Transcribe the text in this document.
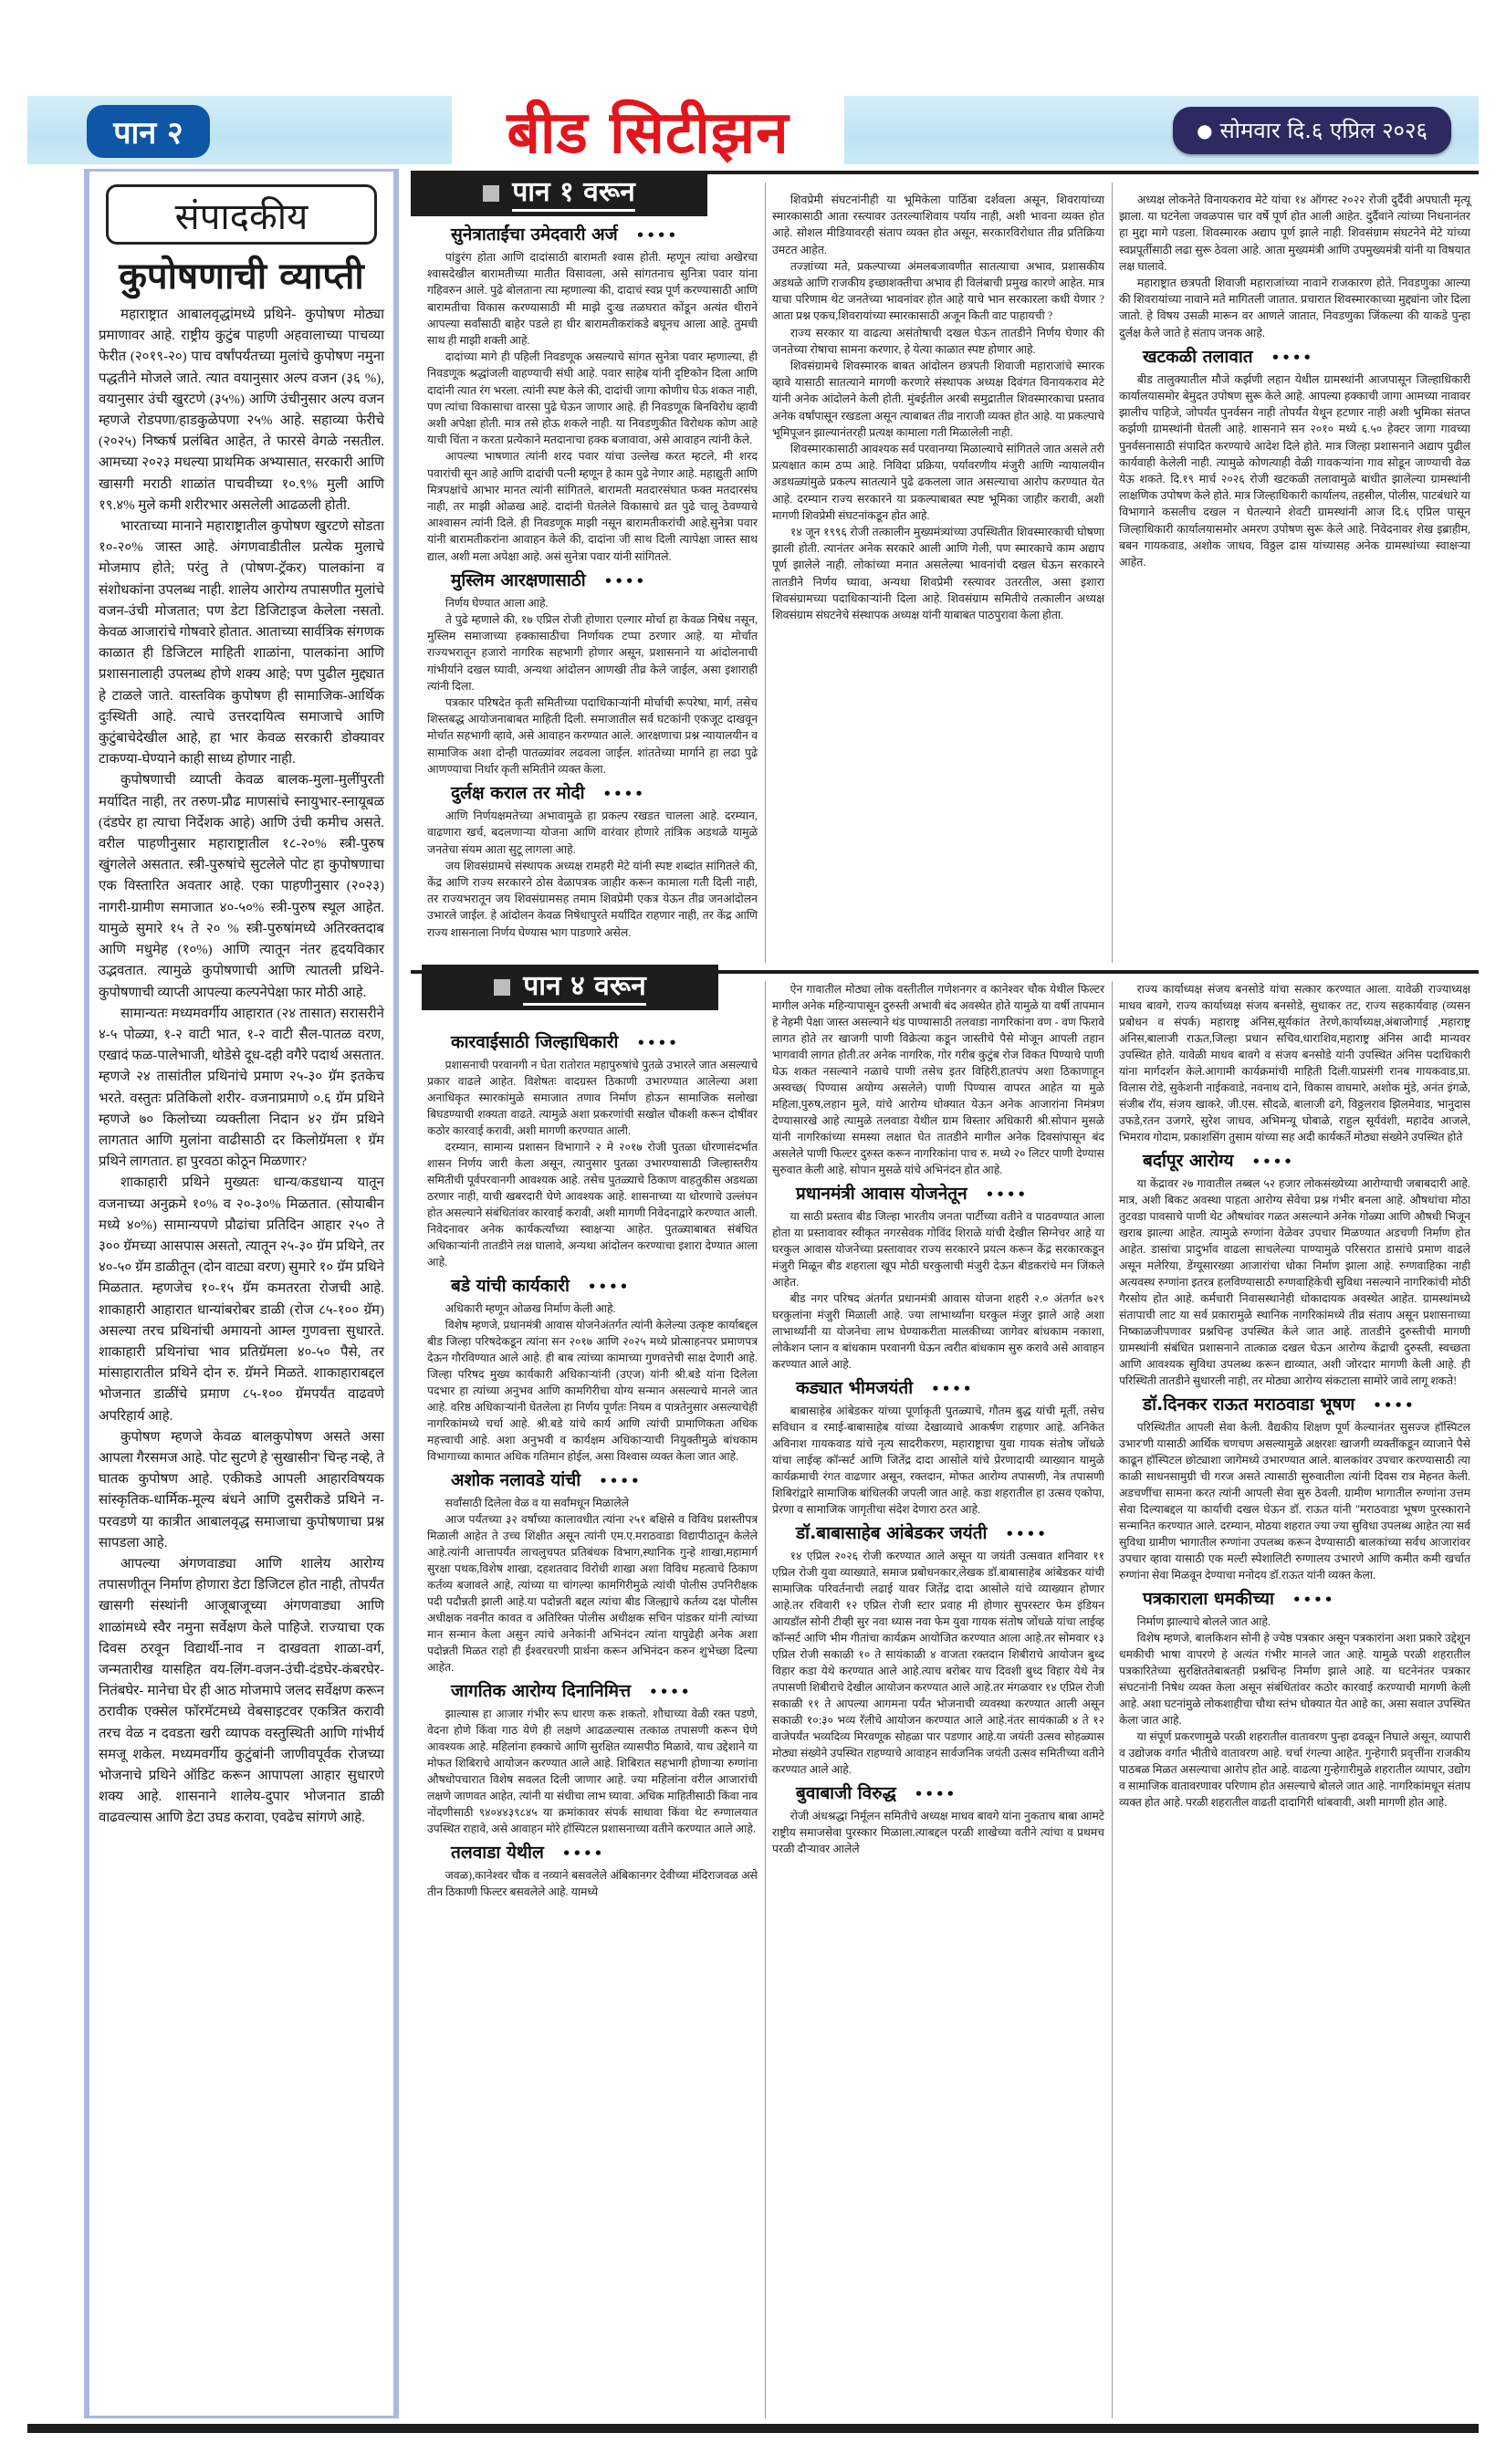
पान २	बीड सिटीझन	● सोमवार दि.६ एप्रिल २०२६
संपादकीय
कुपोषणाची व्याप्ती

महाराष्ट्रात आबालवृद्धांमध्ये प्रथिने- कुपोषण मोठ्या प्रमाणावर आहे. राष्ट्रीय कुटुंब पाहणी अहवालाच्या पाचव्या फेरीत (२०१९-२०) पाच वर्षांपर्यंतच्या मुलांचे कुपोषण नमुना पद्धतीने मोजले जाते. त्यात वयानुसार अल्प वजन (३६ %), वयानुसार उंची खुरटणे (३५%) आणि उंचीनुसार अल्प वजन म्हणजे रोडपणा/हाडकुळेपणा २५% आहे. सहाव्या फेरीचे (२०२५) निष्कर्ष प्रलंबित आहेत, ते फारसे वेगळे नसतील. आमच्या २०२३ मधल्या प्राथमिक अभ्यासात, सरकारी आणि खासगी मराठी शाळांत पाचवीच्या १०.९% मुली आणि १९.४% मुले कमी शरीरभार असलेली आढळली होती.

भारताच्या मानाने महाराष्ट्रातील कुपोषण खुरटणे सोडता १०-२०% जास्त आहे. अंगणवाडीतील प्रत्येक मुलाचे मोजमाप होते; परंतु ते (पोषण-ट्रॅकर) पालकांना व संशोधकांना उपलब्ध नाही. शालेय आरोग्य तपासणीत मुलांचे वजन-उंची मोजतात; पण डेटा डिजिटाइज केलेला नसतो. केवळ आजारांचे गोषवारे होतात. आताच्या सार्वत्रिक संगणक काळात ही डिजिटल माहिती शाळांना, पालकांना आणि प्रशासनालाही उपलब्ध होणे शक्य आहे; पण पुढील मुद्द्यात हे टाळले जाते. वास्तविक कुपोषण ही सामाजिक-आर्थिक दुःस्थिती आहे. त्याचे उत्तरदायित्व समाजाचे आणि कुटुंबाचेदेखील आहे, हा भार केवळ सरकारी डोक्यावर टाकण्या-घेण्याने काही साध्य होणार नाही.

कुपोषणाची व्याप्ती केवळ बालक-मुला-मुलींपुरती मर्यादित नाही, तर तरुण-प्रौढ माणसांचे स्नायुभार-स्नायूबळ (दंडघेर हा त्याचा निर्देशक आहे) आणि उंची कमीच असते. वरील पाहणीनुसार महाराष्ट्रातील १८-२०% स्त्री-पुरुष खुंगलेले असतात. स्त्री-पुरुषांचे सुटलेले पोट हा कुपोषणाचा एक विस्तारित अवतार आहे. एका पाहणीनुसार (२०२३) नागरी-ग्रामीण समाजात ४०-५०% स्त्री-पुरुष स्थूल आहेत. यामुळे सुमारे १५ ते २० % स्त्री-पुरुषांमध्ये अतिरक्तदाब आणि मधुमेह (१०%) आणि त्यातून नंतर हृदयविकार उद्भवतात. त्यामुळे कुपोषणाची आणि त्यातली प्रथिने- कुपोषणाची व्याप्ती आपल्या कल्पनेपेक्षा फार मोठी आहे.

सामान्यतः मध्यमवर्गीय आहारात (२४ तासात) सरासरीने ४-५ पोळ्या, १-२ वाटी भात, १-२ वाटी सैल-पातळ वरण, एखादं फळ-पालेभाजी, थोडेसे दूध-दही वगैरे पदार्थ असतात. म्हणजे २४ तासांतील प्रथिनांचे प्रमाण २५-३० ग्रॅम इतकेच भरते. वस्तुतः प्रतिकिलो शरीर- वजनाप्रमाणे ०.६ ग्रॅम प्रथिने म्हणजे ७० किलोच्या व्यक्तीला निदान ४२ ग्रॅम प्रथिने लागतात आणि मुलांना वाढीसाठी दर किलोग्रॅमला १ ग्रॅम प्रथिने लागतात. हा पुरवठा कोठून मिळणार?

शाकाहारी प्रथिने मुख्यतः धान्य/कडधान्य यातून वजनाच्या अनुक्रमे १०% व २०-३०% मिळतात. (सोयाबीन मध्ये ४०%) सामान्यपणे प्रौढांचा प्रतिदिन आहार २५० ते ३०० ग्रॅमच्या आसपास असतो, त्यातून २५-३० ग्रॅम प्रथिने, तर ४०-५० ग्रॅम डाळीतून (दोन वाट्या वरण) सुमारे १० ग्रॅम प्रथिने मिळतात. म्हणजेच १०-१५ ग्रॅम कमतरता रोजची आहे. शाकाहारी आहारात धान्यांबरोबर डाळी (रोज ८५-१०० ग्रॅम) असल्या तरच प्रथिनांची अमायनो आम्ल गुणवत्ता सुधारते. शाकाहारी प्रथिनांचा भाव प्रतिग्रॅमला ४०-५० पैसे, तर मांसाहारातील प्रथिने दोन रु. ग्रॅमने मिळते. शाकाहाराबद्दल भोजनात डाळींचे प्रमाण ८५-१०० ग्रॅमपर्यंत वाढवणे अपरिहार्य आहे.

कुपोषण म्हणजे केवळ बालकुपोषण असते असा आपला गैरसमज आहे. पोट सुटणे हे 'सुखासीन' चिन्ह नव्हे, ते घातक कुपोषण आहे. एकीकडे आपली आहारविषयक सांस्कृतिक-धार्मिक-मूल्य बंधने आणि दुसरीकडे प्रथिने न-परवडणे या कात्रीत आबालवृद्ध समाजाचा कुपोषणाचा प्रश्न सापडला आहे.

आपल्या अंगणवाड्या आणि शालेय आरोग्य तपासणीतून निर्माण होणारा डेटा डिजिटल होत नाही, तोपर्यंत खासगी संस्थांनी आजूबाजूच्या अंगणवाड्या आणि शाळांमध्ये स्वैर नमुना सर्वेक्षण केले पाहिजे. राज्याचा एक दिवस ठरवून विद्यार्थी-नाव न दाखवता शाळा-वर्ग, जन्मतारीख यासहित वय-लिंग-वजन-उंची-दंडघेर-कंबरघेर-नितंबघेर- मानेचा घेर ही आठ मोजमापे जलद सर्वेक्षण करून ठरावीक एक्सेल फॉरमॅटमध्ये वेबसाइटवर एकत्रित करावी तरच वेळ न दवडता खरी व्यापक वस्तुस्थिती आणि गांभीर्य समजू शकेल. मध्यमवर्गीय कुटुंबांनी जाणीवपूर्वक रोजच्या भोजनाचे प्रथिने ऑडिट करून आपापला आहार सुधारणे शक्य आहे. शासनाने शालेय-दुपार भोजनात डाळी वाढवल्यास आणि डेटा उघड करावा, एवढेच सांगणे आहे.

पान १ वरून
सुनेत्राताईंचा उमेदवारी अर्ज ••••

पांडुरंग होता आणि दादांसाठी बारामती श्वास होती. म्हणून त्यांचा अखेरचा श्वासदेखील बारामतीच्या मातीत विसावला, असे सांगतनाच सुनित्रा पवार यांना गहिवरुन आले. पुढे बोलताना त्या म्हणाल्या की, दादाचं स्वप्न पूर्ण करण्यासाठी आणि बारामतीचा विकास करण्यासाठी मी माझे दुःख तळघरात कोंडून अत्यंत धीराने आपल्या सर्वांसाठी बाहेर पडले हा धीर बारामतीकरांकडे बघूनच आला आहे. तुमची साथ ही माझी शक्ती आहे.

दादांच्या मागे ही पहिली निवडणूक असल्याचे सांगत सुनेत्रा पवार म्हणाल्या, ही निवडणूक श्रद्धांजली वाहण्याची संधी आहे. पवार साहेब यांनी दृष्टिकोन दिला आणि दादांनी त्यात रंग भरला. त्यांनी स्पष्ट केले की, दादांची जागा कोणीच घेऊ शकत नाही, पण त्यांचा विकासाचा वारसा पुढे घेऊन जाणार आहे. ही निवडणूक बिनविरोध व्हावी अशी अपेक्षा होती. मात्र तसे होऊ शकले नाही. या निवडणुकीत विरोधक कोण आहे याची चिंता न करता प्रत्येकाने मतदानाचा हक्क बजावावा, असे आवाहन त्यांनी केले.

आपल्या भाषणात त्यांनी शरद पवार यांचा उल्लेख करत म्हटले, मी शरद पवारांची सून आहे आणि दादांची पत्नी म्हणून हे काम पुढे नेणार आहे. महाद्युती आणि मित्रपक्षांचे आभार मानत त्यांनी सांगितले, बारामती मतदारसंघात फक्त मतदारसंघ नाही, तर माझी ओळख आहे. दादांनी घेतलेले विकासाचे व्रत पुढे चालू ठेवण्याचे आश्वासन त्यांनी दिले. ही निवडणूक माझी नसून बारामतीकरांची आहे.सुनेत्रा पवार यांनी बारामतीकरांना आवाहन केले की, दादांना जी साथ दिली त्यापेक्षा जास्त साथ द्याल, अशी मला अपेक्षा आहे. असं सुनेत्रा पवार यांनी सांगितले.

मुस्लिम आरक्षणासाठी ••••

निर्णय घेण्यात आला आहे.

ते पुढे म्हणाले की, १७ एप्रिल रोजी होणारा एल्गार मोर्चा हा केवळ निषेध नसून, मुस्लिम समाजाच्या हक्कासाठीचा निर्णायक टप्पा ठरणार आहे. या मोर्चात राज्यभरातून हजारो नागरिक सहभागी होणार असून, प्रशासनाने या आंदोलनाची गांभीर्याने दखल घ्यावी, अन्यथा आंदोलन आणखी तीव्र केले जाईल, असा इशाराही त्यांनी दिला.

पत्रकार परिषदेत कृती समितीच्या पदाधिकाऱ्यांनी मोर्चाची रूपरेषा, मार्ग, तसेच शिस्तबद्ध आयोजनाबाबत माहिती दिली. समाजातील सर्व घटकांनी एकजूट दाखवून मोर्चात सहभागी व्हावे, असे आवाहन करण्यात आले. आरक्षणाचा प्रश्न न्यायालयीन व सामाजिक अशा दोन्ही पातळ्यांवर लढवला जाईल. शांततेच्या मार्गाने हा लढा पुढे आणण्याचा निर्धार कृती समितीने व्यक्त केला.

दुर्लक्ष कराल तर मोदी ••••

आणि निर्णयक्षमतेच्या अभावामुळे हा प्रकल्प रखडत चालला आहे. दरम्यान, वाढणारा खर्च, बदलणाऱ्या योजना आणि वारंवार होणारे तांत्रिक अडथळे यामुळे जनतेचा संयम आता सुटू लागला आहे.

जय शिवसंग्रामचे संस्थापक अध्यक्ष रामहरी मेटे यांनी स्पष्ट शब्दांत सांगितले की, केंद्र आणि राज्य सरकारने ठोस वेळापत्रक जाहीर करून कामाला गती दिली नाही, तर राज्यभरातून जय शिवसंग्रामसह तमाम शिवप्रेमी एकत्र येऊन तीव्र जनआंदोलन उभारले जाईल. हे आंदोलन केवळ निषेधापुरते मर्यादित राहणार नाही, तर केंद्र आणि राज्य शासनाला निर्णय घेण्यास भाग पाडणारे असेल.

शिवप्रेमी संघटनांनीही या भूमिकेला पाठिंबा दर्शवला असून, शिवरायांच्या स्मारकासाठी आता रस्त्यावर उतरल्याशिवाय पर्याय नाही, अशी भावना व्यक्त होत आहे. सोशल मीडियावरही संताप व्यक्त होत असून, सरकारविरोधात तीव्र प्रतिक्रिया उमटत आहेत.

तज्ज्ञांच्या मते, प्रकल्पाच्या अंमलबजावणीत सातत्याचा अभाव, प्रशासकीय अडथळे आणि राजकीय इच्छाशक्तीचा अभाव ही विलंबाची प्रमुख कारणे आहेत. मात्र याचा परिणाम थेट जनतेच्या भावनांवर होत आहे याचे भान सरकारला कधी येणार ? आता प्रश्न एकच,शिवरायांच्या स्मारकासाठी अजून किती वाट पाहायची ?

राज्य सरकार या वाढत्या असंतोषाची दखल घेऊन तातडीने निर्णय घेणार की जनतेच्या रोषाचा सामना करणार, हे येत्या काळात स्पष्ट होणार आहे.

शिवसंग्रामचे शिवस्मारक बाबत आंदोलन छत्रपती शिवाजी महाराजांचे स्मारक व्हावे यासाठी सातत्याने मागणी करणारे संस्थापक अध्यक्ष दिवंगत विनायकराव मेटे यांनी अनेक आंदोलने केली होती. मुंबईतील अरबी समुद्रातील शिवस्मारकाचा प्रस्ताव अनेक वर्षांपासून रखडला असून त्याबाबत तीव्र नाराजी व्यक्त होत आहे. या प्रकल्पाचे भूमिपूजन झाल्यानंतरही प्रत्यक्ष कामाला गती मिळालेली नाही.

शिवस्मारकासाठी आवश्यक सर्व परवानग्या मिळाल्याचे सांगितले जात असले तरी प्रत्यक्षात काम ठप्प आहे. निविदा प्रक्रिया, पर्यावरणीय मंजुरी आणि न्यायालयीन अडथळ्यांमुळे प्रकल्प सातत्याने पुढे ढकलला जात असल्याचा आरोप करण्यात येत आहे. दरम्यान राज्य सरकारने या प्रकल्पाबाबत स्पष्ट भूमिका जाहीर करावी, अशी मागणी शिवप्रेमी संघटनांकडून होत आहे.

१४ जून १९९६ रोजी तत्कालीन मुख्यमंत्र्यांच्या उपस्थितीत शिवस्मारकाची घोषणा झाली होती. त्यानंतर अनेक सरकारे आली आणि गेली, पण स्मारकाचे काम अद्याप पूर्ण झालेले नाही. लोकांच्या मनात असलेल्या भावनांची दखल घेऊन सरकारने तातडीने निर्णय घ्यावा, अन्यथा शिवप्रेमी रस्त्यावर उतरतील, असा इशारा शिवसंग्रामच्या पदाधिकाऱ्यांनी दिला आहे. शिवसंग्राम समितीचे तत्कालीन अध्यक्ष शिवसंग्राम संघटनेचे संस्थापक अध्यक्ष यांनी याबाबत पाठपुरावा केला होता.

अध्यक्ष लोकनेते विनायकराव मेटे यांचा १४ ऑगस्ट २०२२ रोजी दुर्दैवी अपघाती मृत्यू झाला. या घटनेला जवळपास चार वर्षे पूर्ण होत आली आहेत. दुर्दैवाने त्यांच्या निधनानंतर हा मुद्दा मागे पडला. शिवस्मारक अद्याप पूर्ण झाले नाही. शिवसंग्राम संघटनेने मेटे यांच्या स्वप्नपूर्तीसाठी लढा सुरू ठेवला आहे. आता मुख्यमंत्री आणि उपमुख्यमंत्री यांनी या विषयात लक्ष घालावे.

महाराष्ट्रात छत्रपती शिवाजी महाराजांच्या नावाने राजकारण होते. निवडणुका आल्या की शिवरायांच्या नावाने मते मागितली जातात. प्रचारात शिवस्मारकाच्या मुद्द्यांना जोर दिला जातो. हे विषय उसळी मारून वर आणले जातात, निवडणुका जिंकल्या की याकडे पुन्हा दुर्लक्ष केले जाते हे संताप जनक आहे.

खटकळी तलावात ••••

बीड तालुक्यातील मौजे कर्झणी लहान येथील ग्रामस्थांनी आजपासून जिल्हाधिकारी कार्यालयासमोर बेमुदत उपोषण सुरू केले आहे. आपल्या हक्काची जागा आमच्या नावावर झालीच पाहिजे, जोपर्यंत पुनर्वसन नाही तोपर्यंत येथून हटणार नाही अशी भुमिका संतप्त कर्झणी ग्रामस्थांनी घेतली आहे. शासनाने सन २०१० मध्ये ६.५० हेक्टर जागा गावच्या पुनर्वसनासाठी संपादित करण्याचे आदेश दिले होते. मात्र जिल्हा प्रशासनाने अद्याप पुढील कार्यवाही केलेली नाही. त्यामुळे कोणत्याही वेळी गावकऱ्यांना गाव सोडून जाण्याची वेळ येऊ शकते. दि.१९ मार्च २०२६ रोजी खटकळी तलावामुळे बाधीत झालेल्या ग्रामस्थांनी लाक्षणिक उपोषण केले होते. मात्र जिल्हाधिकारी कार्यालय, तहसील, पोलीस, पाटबंधारे या विभागाने कसलीच दखल न घेतल्याने शेवटी ग्रामस्थांनी आज दि.६ एप्रिल पासून जिल्हाधिकारी कार्यालयासमोर अमरण उपोषण सुरू केले आहे. निवेदनावर शेख इब्राहीम, बबन गायकवाड, अशोक जाधव, विठ्ठल ढास यांच्यासह अनेक ग्रामस्थांच्या स्वाक्षऱ्या आहेत.

पान ४ वरून
कारवाईसाठी जिल्हाधिकारी ••••

प्रशासनाची परवानगी न घेता रातोरात महापुरुषांचे पुतळे उभारले जात असल्याचे प्रकार वाढले आहेत. विशेषतः वादग्रस्त ठिकाणी उभारण्यात आलेल्या अशा अनाधिकृत स्मारकांमुळे समाजात तणाव निर्माण होऊन सामाजिक सलोखा बिघडण्याची शक्यता वाढते. त्यामुळे अशा प्रकरणांची सखोल चौकशी करून दोषींवर कठोर कारवाई करावी, अशी मागणी करण्यात आली.

दरम्यान, सामान्य प्रशासन विभागाने २ मे २०१७ रोजी पुतळा धोरणासंदर्भात शासन निर्णय जारी केला असून, त्यानुसार पुतळा उभारण्यासाठी जिल्हास्तरीय समितीची पूर्वपरवानगी आवश्यक आहे. तसेच पुतळ्याचे ठिकाण वाहतुकीस अडथळा ठरणार नाही, याची खबरदारी घेणे आवश्यक आहे. शासनाच्या या धोरणाचे उल्लंघन होत असल्याने संबंधितांवर कारवाई करावी, अशी मागणी निवेदनाद्वारे करण्यात आली. निवेदनावर अनेक कार्यकर्त्यांच्या स्वाक्षऱ्या आहेत. पुतळ्याबाबत संबंधित अधिकाऱ्यांनी तातडीने लक्ष घालावे, अन्यथा आंदोलन करण्याचा इशारा देण्यात आला आहे.

बडे यांची कार्यकारी ••••

अधिकारी म्हणून ओळख निर्माण केली आहे.

विशेष म्हणजे, प्रधानमंत्री आवास योजनेअंतर्गत त्यांनी केलेल्या उत्कृष्ट कार्याबद्दल बीड जिल्हा परिषदेकडून त्यांना सन २०१७ आणि २०२५ मध्ये प्रोत्साहनपर प्रमाणपत्र देऊन गौरविण्यात आले आहे. ही बाब त्यांच्या कामाच्या गुणवत्तेची साक्ष देणारी आहे. जिल्हा परिषद मुख्य कार्यकारी अधिकाऱ्यांनी (उएज) यांनी श्री.बडे यांना दिलेला पदभार हा त्यांच्या अनुभव आणि कामगिरीचा योग्य सन्मान असल्याचे मानले जात आहे. वरिष्ठ अधिकाऱ्यांनी घेतलेला हा निर्णय पूर्णतः नियम व पात्रतेनुसार असल्याचेही नागरिकांमध्ये चर्चा आहे. श्री.बडे यांचे कार्य आणि त्यांची प्रामाणिकता अधिक महत्त्वाची आहे. अशा अनुभवी व कार्यक्षम अधिकाऱ्याची नियुक्तीमुळे बांधकाम विभागाच्या कामात अधिक गतिमान होईल, असा विश्वास व्यक्त केला जात आहे.

अशोक नलावडे यांची ••••

सर्वांसाठी दिलेला वेळ व या सर्वांमधून मिळालेले

आज पर्यंतच्या ३२ वर्षांच्या कालावधीत त्यांना २५१ बक्षिसे व विविध प्रशस्तीपत्र मिळाली आहेत ते उच्च शिक्षीत असून त्यांनी एम.ए.मराठवाडा विद्यापीठातून केलेले आहे.त्यांनी आत्तापर्यंत लाचलुचपत प्रतिबंधक विभाग,स्थानिक गुन्हे शाखा,महामार्ग सुरक्षा पथक,विशेष शाखा, दहशतवाद विरोधी शाखा अशा विविध महत्वाचे ठिकाण कर्तव्य बजावले आहे, त्यांच्या या चांगल्या कामगिरीमुळे त्यांची पोलीस उपनिरीक्षक पदी पदौन्नती झाली आहे.या पदोन्नती बद्दल त्यांचा बीड जिल्ह्याचे कर्तव्य दक्ष पोलीस अधीक्षक नवनीत कावत व अतिरिक्त पोलीस अधीक्षक सचिन पांडकर यांनी त्यांच्या मान सन्मान केला असुन त्यांचे अनेकांनी अभिनंदन त्यांना यापुढेही अनेक अशा पदोन्नती मिळत राहो ही ईश्वरचरणी प्रार्थना करून अभिनंदन करुन शुभेच्छा दिल्या आहेत.

जागतिक आरोग्य दिनानिमित्त ••••

झाल्यास हा आजार गंभीर रूप धारण करू शकतो. शौचाच्या वेळी रक्त पडणे, वेदना होणे किंवा गाठ येणे ही लक्षणे आढळल्यास तत्काळ तपासणी करून घेणे आवश्यक आहे. महिलांना हक्काचे आणि सुरक्षित व्यासपीठ मिळावे, याच उद्देशाने या मोफत शिबिराचे आयोजन करण्यात आले आहे. शिबिरात सहभागी होणाऱ्या रुग्णांना औषधोपचारात विशेष सवलत दिली जाणार आहे. ज्या महिलांना वरील आजारांची लक्षणे जाणवत आहेत, त्यांनी या संधीचा लाभ घ्यावा. अधिक माहितीसाठी किंवा नाव नोंदणीसाठी ९४०४४३९८४५ या क्रमांकावर संपर्क साधावा किंवा थेट रुग्णालयात उपस्थित राहावे, असे आवाहन मोरे हॉस्पिटल प्रशासनाच्या वतीने करण्यात आले आहे.

तलवाडा येथील ••••

जवळ),कानेश्वर चौक व नव्याने बसवलेले अंबिकानगर देवीच्या मंदिराजवळ असे तीन ठिकाणी फिल्टर बसवलेले आहे. यामध्ये

ऐन गावातील मोठ्या लोक वस्तीतील गणेशनगर व कानेश्वर चौक येथील फिल्टर मागील अनेक महिन्यापासून दुरुस्ती अभावी बंद अवस्थेत होते यामुळे या वर्षी तापमान हे नेहमी पेक्षा जास्त असल्याने थंड पाण्यासाठी तलवाडा नागरिकांना वण - वण फिरावे लागत होते तर खाजगी पाणी विक्रेत्या कडून जास्तीचे पैसे मोजून आपली तहान भागवावी लागत होती.तर अनेक नागरिक, गोर गरीब कुटुंब रोज विकत पिण्याचे पाणी घेऊ शकत नसल्याने नळाचे पाणी तसेच इतर विहिरी,हातपंप अशा ठिकाणाहून अस्वच्छ( पिण्यास अयोग्य असलेले) पाणी पिण्यास वापरत आहेत या मुळे महिला,पुरुष,लहान मुले, यांचे आरोग्य धोक्यात येऊन अनेक आजारांना निमंत्रण देण्यासारखे आहे त्यामुळे तलवाडा येथील ग्राम विस्तार अधिकारी श्री.सोपान मुसळे यांनी नागरिकांच्या समस्या लक्षात घेत तातडीने मागील अनेक दिवसांपासून बंद असलेले पाणी फिल्टर दुरुस्त करून नागरिकांना पाच रु. मध्ये २० लिटर पाणी देण्यास सुरुवात केली आहे. सोपान मुसळे यांचे अभिनंदन होत आहे.

प्रधानमंत्री आवास योजनेतून ••••

या साठी प्रस्ताव बीड जिल्हा भारतीय जनता पार्टीच्या वतीने व पाठवण्यात आला होता या प्रस्तावावर स्वीकृत नगरसेवक गोविंद शिराळे यांची देखील सिग्नेचर आहे या घरकुल आवास योजनेच्या प्रस्तावावर राज्य सरकारने प्रयत्न करून केंद्र सरकारकडून मंजुरी मिळून बीड शहराला खूप मोठी घरकुलाची मंजुरी देऊन बीडकरांचे मन जिंकले आहेत.

बीड नगर परिषद अंतर्गत प्रधानमंत्री आवास योजना शहरी २.० अंतर्गत ७२९ घरकुलांना मंजुरी मिळाली आहे. ज्या लाभार्थ्यांना घरकुल मंजुर झाले आहे अशा लाभार्थ्यांनी या योजनेचा लाभ घेण्याकरीता मालकीच्या जागेवर बांधकाम नकाशा, लोकेशन प्लान व बांधकाम परवानगी घेऊन त्वरीत बांधकाम सुरु करावे असे आवाहन करण्यात आले आहे.

कड्यात भीमजयंती ••••

बाबासाहेब आंबेडकर यांच्या पूर्णाकृती पुतळ्याचे, गौतम बुद्ध यांची मूर्ती, तसेच सविधान व रमाई-बाबासाहेब यांच्या देखाव्याचे आकर्षण राहणार आहे. अनिकेत अविनाश गायकवाड यांचे नृत्य सादरीकरण, महाराष्ट्राचा युवा गायक संतोष जोंधळे यांचा लाईव्ह कॉन्सर्ट आणि जितेंद्र दादा आसोले यांचे प्रेरणादायी व्याख्यान यामुळे कार्यक्रमाची रंगत वाढणार असून, रक्तदान, मोफत आरोग्य तपासणी, नेत्र तपासणी शिबिरांद्वारे सामाजिक बांधिलकी जपली जात आहे. कडा शहरातील हा उत्सव एकोपा, प्रेरणा व सामाजिक जागृतीचा संदेश देणारा ठरत आहे.

डॉ.बाबासाहेब आंबेडकर जयंती ••••

१४ एप्रिल २०२६ रोजी करण्यात आले असून या जयंती उत्सवात शनिवार ११ एप्रिल रोजी युवा व्याख्याते, समाज प्रबोधनकार,लेखक डॉ.बाबासाहेब आंबेडकर यांची सामाजिक परिवर्तनाची लढाई यावर जितेंद्र दादा आसोले यांचे व्याख्यान होणार आहे.तर रविवारी १२ एप्रिल रोजी स्टार प्रवाह मी होणार सुपरस्टार फेम इंडियन आयडॉल सोनी टीव्ही सुर नवा ध्यास नवा फेम युवा गायक संतोष जोंधळे यांचा लाईव्ह कॉन्सर्ट आणि भीम गीतांचा कार्यक्रम आयोजित करण्यात आला आहे.तर सोमवार १३ एप्रिल रोजी सकाळी १० ते सायंकाळी ४ वाजता रक्तदान शिबीराचे आयोजन बुध्द विहार कडा येथे करण्यात आले आहे.त्याच बरोबर याच दिवशी बुध्द विहार येथे नेत्र तपासणी शिबीराचे देखील आयोजन करण्यात आले आहे.तर मंगळवार १४ एप्रिल रोजी सकाळी ११ ते आपल्या आगमना पर्यंत भोजनाची व्यवस्था करण्यात आली असून सकाळी १०:३० भव्य रॅलीचे आयोजन करण्यात आले आहे.नंतर सायंकाळी ४ ते १२ वाजेपर्यंत भव्यदिव्य मिरवणूक सोहळा पार पडणार आहे.या जयंती उत्सव सोहळ्यास मोठ्या संख्येने उपस्थित राहण्याचे आवाहन सार्वजनिक जयंती उत्सव समितीच्या वतीने करण्यात आले आहे.

बुवाबाजी विरुद्ध ••••

रोजी अंधश्रद्धा निर्मूलन समितीचे अध्यक्ष माधव बावगे यांना नुकताच बाबा आमटे राष्ट्रीय समाजसेवा पुरस्कार मिळाला.त्याबद्दल परळी शाखेच्या वतीने त्यांचा व प्रथमच परळी दौऱ्यावर आलेले

राज्य कार्याध्यक्ष संजय बनसोडे यांचा सत्कार करण्यात आला. यावेळी राज्याध्यक्ष माधव बावगे, राज्य कार्याध्यक्ष संजय बनसोडे, सुधाकर तट, राज्य सहकार्यवाह (व्यसन प्रबोधन व संपर्क) महाराष्ट्र अंनिस,सूर्यकांत तेरणे,कार्याध्यक्ष,अंबाजोगाई ,महाराष्ट्र अंनिस,बालाजी राऊत,जिल्हा प्रधान सचिव,धाराशिव,महाराष्ट्र अंनिस आदी मान्यवर उपस्थित होते. यावेळी माधव बावगे व संजय बनसोडे यांनी उपस्थित अंनिस पदाधिकारी यांना मार्गदर्शन केले.आगामी कार्यक्रमांची माहिती दिली.याप्रसंगी रानब गायकवाड,प्रा. विलास रोडे, सुकेशनी नाईकवाडे, नवनाथ दाने, विकास वाघमारे, अशोक मुंडे, अनंत इंगळे, संजीब रॉय, संजय खाकरे, जी.एस. सौदळे, बालाजी ढगे, विठ्ठलराव झिलमेवाड, भानुदास उफडे,रतन उजगरे, सुरेश जाधव, अभिमन्यू घोबाळे, राहुल सूर्यवंशी, महादेव आजले, भिमराव गोदाम, प्रकाशसिंग तुसाम यांच्या सह अदी कार्यकर्ते मोठ्या संख्येने उपस्थित होते

बर्दापूर आरोग्य ••••

या केंद्रावर २७ गावातील तब्बल ५२ हजार लोकसंख्येच्या आरोग्याची जबाबदारी आहे. मात्र, अशी बिकट अवस्था पाहता आरोग्य सेवेचा प्रश्न गंभीर बनला आहे. औषधांचा मोठा तुटवडा पावसाचे पाणी थेट औषधांवर गळत असल्याने अनेक गोळ्या आणि औषधी भिजून खराब झाल्या आहेत. त्यामुळे रुग्णांना वेळेवर उपचार मिळण्यात अडचणी निर्माण होत आहेत. डासांचा प्रादुर्भाव वाढला साचलेल्या पाण्यामुळे परिसरात डासांचे प्रमाण वाढले असून मलेरिया, डेंग्यूसारख्या आजारांचा धोका निर्माण झाला आहे. रुग्णवाहिका नाही अत्यवस्थ रुग्णांना इतरत्र हलविण्यासाठी रुग्णवाहिकेची सुविधा नसल्याने नागरिकांची मोठी गैरसोय होत आहे. कर्मचारी निवासस्थानेही धोकादायक अवस्थेत आहेत. ग्रामस्थांमध्ये संतापाची लाट या सर्व प्रकारामुळे स्थानिक नागरिकांमध्ये तीव्र संताप असून प्रशासनाच्या निष्काळजीपणावर प्रश्नचिन्ह उपस्थित केले जात आहे. तातडीने दुरुस्तीची मागणी ग्रामस्थांनी संबंधित प्रशासनाने तात्काळ दखल घेऊन आरोग्य केंद्राची दुरुस्ती, स्वच्छता आणि आवश्यक सुविधा उपलब्ध करून द्याव्यात, अशी जोरदार मागणी केली आहे. ही परिस्थिती तातडीने सुधारली नाही, तर मोठ्या आरोग्य संकटाला सामोरे जावे लागू शकते!

डॉ.दिनकर राऊत मराठवाडा भूषण ••••

परिस्थितीत आपली सेवा केली. वैद्यकीय शिक्षण पूर्ण केल्यानंतर सुसज्ज हॉस्पिटल उभार'णी यासाठी आर्थिक चणचण असल्यामुळे अक्षरशः खाजगी व्यक्तींकडून व्याजाने पैसे काढून हॉस्पिटल छोट्याशा जागेमध्ये उभारण्यात आले. बालकांवर उपचार करण्यासाठी त्या काळी साधनसामुग्री ची गरज असते त्यासाठी सुरुवातीला त्यांनी दिवस रात्र मेहनत केली. अडचणींचा सामना करत त्यांनी आपली सेवा सुरु ठेवली. ग्रामीण भागातील रुग्णांना उत्तम सेवा दिल्याबद्दल या कार्याची दखल घेऊन डॉ. राऊत यांनी ''मराठवाडा भूषण पुरस्काराने सन्मानित करण्यात आले. दरम्यान, मोठया शहरात ज्या ज्या सुविधा उपलब्ध आहेत त्या सर्व सुविधा ग्रामीण भागातील रुग्णांना उपलब्ध करून देण्यासाठी बालकांच्या सर्वच आजारांवर उपचार व्हावा यासाठी एक मल्टी स्पेशालिटी रुग्णालय उभारणे आणि कमीत कमी खर्चात रुग्णांना सेवा मिळवून देण्याचा मनोदय डॉ.राऊत यांनी व्यक्त केला.

पत्रकाराला धमकीच्या ••••

निर्माण झाल्याचे बोलले जात आहे.

विशेष म्हणजे, बालकिशन सोनी हे ज्येष्ठ पत्रकार असून पत्रकारांना अशा प्रकारे उद्देशून धमकीची भाषा वापरणे हे अत्यंत गंभीर मानले जात आहे. यामुळे परळी शहरातील पत्रकारितेच्या सुरक्षिततेबाबतही प्रश्नचिन्ह निर्माण झाले आहे. या घटनेनंतर पत्रकार संघटनांनी निषेध व्यक्त केला असून संबंधितांवर कठोर कारवाई करण्याची मागणी केली आहे. अशा घटनांमुळे लोकशाहीचा चौथा स्तंभ धोक्यात येत आहे का, असा सवाल उपस्थित केला जात आहे.

या संपूर्ण प्रकरणामुळे परळी शहरातील वातावरण पुन्हा ढवळून निघाले असून, व्यापारी व उद्योजक वर्गात भीतीचे वातावरण आहे. चर्चा रंगल्या आहेत. गुन्हेगारी प्रवृत्तींना राजकीय पाठबळ मिळत असल्याचा आरोप होत आहे. वाढत्या गुन्हेगारीमुळे शहरातील व्यापार, उद्योग व सामाजिक वातावरणावर परिणाम होत असल्याचे बोलले जात आहे. नागरिकांमधून संताप व्यक्त होत आहे. परळी शहरातील वाढती दादागिरी थांबवावी, अशी मागणी होत आहे.
